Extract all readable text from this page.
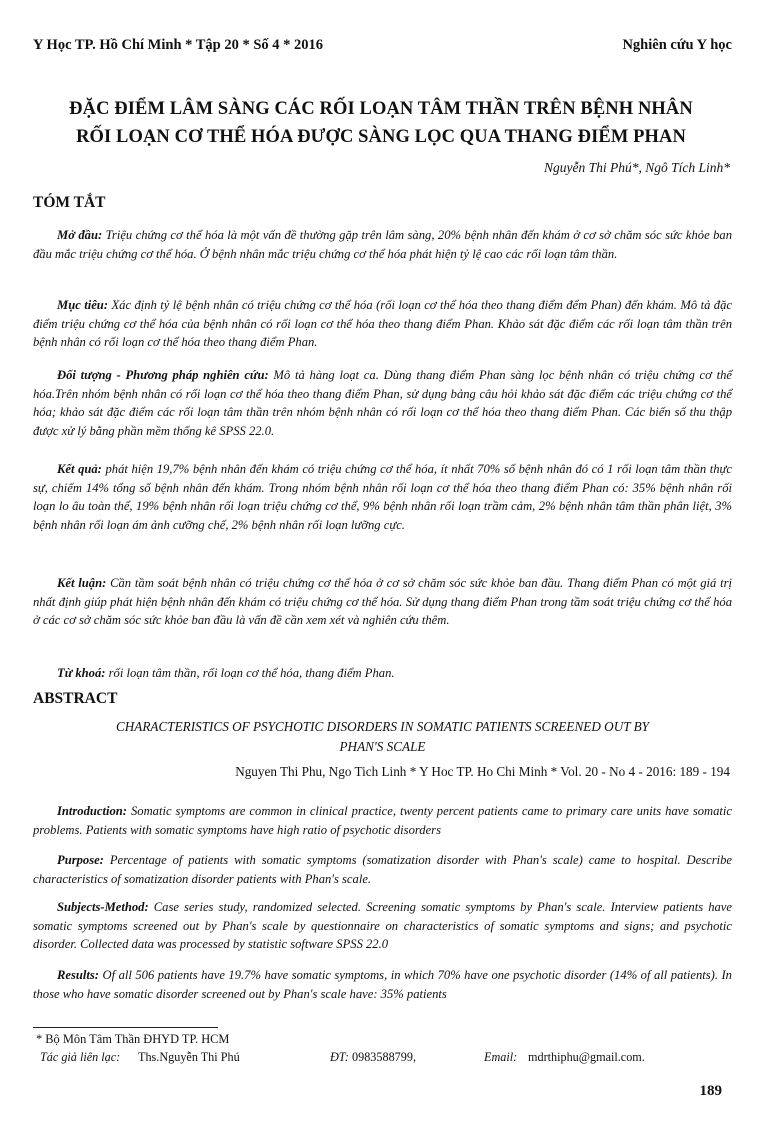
Y Học TP. Hồ Chí Minh * Tập 20 * Số 4 * 2016	Nghiên cứu Y học
ĐẶC ĐIỂM LÂM SÀNG CÁC RỐI LOẠN TÂM THẦN TRÊN BỆNH NHÂN
RỐI LOẠN CƠ THỂ HÓA ĐƯỢC SÀNG LỌC QUA THANG ĐIỂM PHAN
Nguyễn Thi Phú*, Ngô Tích Linh*
TÓM TẮT
Mở đầu: Triệu chứng cơ thể hóa là một vấn đề thường gặp trên lâm sàng, 20% bệnh nhân đến khám ở cơ sở chăm sóc sức khỏe ban đầu mắc triệu chứng cơ thể hóa. Ở bệnh nhân mắc triệu chứng cơ thể hóa phát hiện tỷ lệ cao các rối loạn tâm thần.
Mục tiêu: Xác định tỷ lệ bệnh nhân có triệu chứng cơ thể hóa (rối loạn cơ thể hóa theo thang điểm đểm Phan) đến khám. Mô tả đặc điểm triệu chứng cơ thể hóa của bệnh nhân có rối loạn cơ thể hóa theo thang điểm Phan. Khảo sát đặc điểm các rối loạn tâm thần trên bệnh nhân có rối loạn cơ thể hóa theo thang điểm Phan.
Đối tượng - Phương pháp nghiên cứu: Mô tả hàng loạt ca. Dùng thang điểm Phan sàng lọc bệnh nhân có triệu chứng cơ thể hóa.Trên nhóm bệnh nhân có rối loạn cơ thể hóa theo thang điểm Phan, sử dụng bảng câu hỏi khảo sát đặc điểm các triệu chứng cơ thể hóa; khảo sát đặc điểm các rối loạn tâm thần trên nhóm bệnh nhân có rối loạn cơ thể hóa theo thang điểm Phan. Các biến số thu thập được xử lý bằng phần mềm thống kê SPSS 22.0.
Kết quả: phát hiện 19,7% bệnh nhân đến khám có triệu chứng cơ thể hóa, ít nhất 70% số bệnh nhân đó có 1 rối loạn tâm thần thực sự, chiếm 14% tổng số bệnh nhân đến khám. Trong nhóm bệnh nhân rối loạn cơ thể hóa theo thang điểm Phan có: 35% bệnh nhân rối loạn lo âu toàn thể, 19% bệnh nhân rối loạn triệu chứng cơ thể, 9% bệnh nhân rối loạn trầm cảm, 2% bệnh nhân tâm thần phân liệt, 3% bệnh nhân rối loạn ám ảnh cưỡng chế, 2% bệnh nhân rối loạn lưỡng cực.
Kết luận: Cần tầm soát bệnh nhân có triệu chứng cơ thể hóa ở cơ sở chăm sóc sức khỏe ban đầu. Thang điểm Phan có một giá trị nhất định giúp phát hiện bệnh nhân đến khám có triệu chứng cơ thể hóa. Sử dụng thang điểm Phan trong tầm soát triệu chứng cơ thể hóa ở các cơ sở chăm sóc sức khỏe ban đầu là vấn đề cần xem xét và nghiên cứu thêm.
Từ khoá: rối loạn tâm thần, rối loạn cơ thể hóa, thang điểm Phan.
ABSTRACT
CHARACTERISTICS OF PSYCHOTIC DISORDERS IN SOMATIC PATIENTS SCREENED OUT BY
PHAN'S SCALE
Nguyen Thi Phu, Ngo Tich Linh * Y Hoc TP. Ho Chi Minh * Vol. 20 - No 4 - 2016: 189 - 194
Introduction: Somatic symptoms are common in clinical practice, twenty percent patients came to primary care units have somatic problems. Patients with somatic symptoms have high ratio of psychotic disorders
Purpose: Percentage of patients with somatic symptoms (somatization disorder with Phan's scale) came to hospital. Describe characteristics of somatization disorder patients with Phan's scale.
Subjects-Method: Case series study, randomized selected. Screening somatic symptoms by Phan's scale. Interview patients have somatic symptoms screened out by Phan's scale by questionnaire on characteristics of somatic symptoms and signs; and psychotic disorder. Collected data was processed by statistic software SPSS 22.0
Results: Of all 506 patients have 19.7% have somatic symptoms, in which 70% have one psychotic disorder (14% of all patients). In those who have somatic disorder screened out by Phan's scale have: 35% patients
* Bộ Môn Tâm Thần ĐHYD TP. HCM
Tác giả liên lạc: Ths.Nguyễn Thi Phú	ĐT: 0983588799,	Email: mdrthiphu@gmail.com.
189
